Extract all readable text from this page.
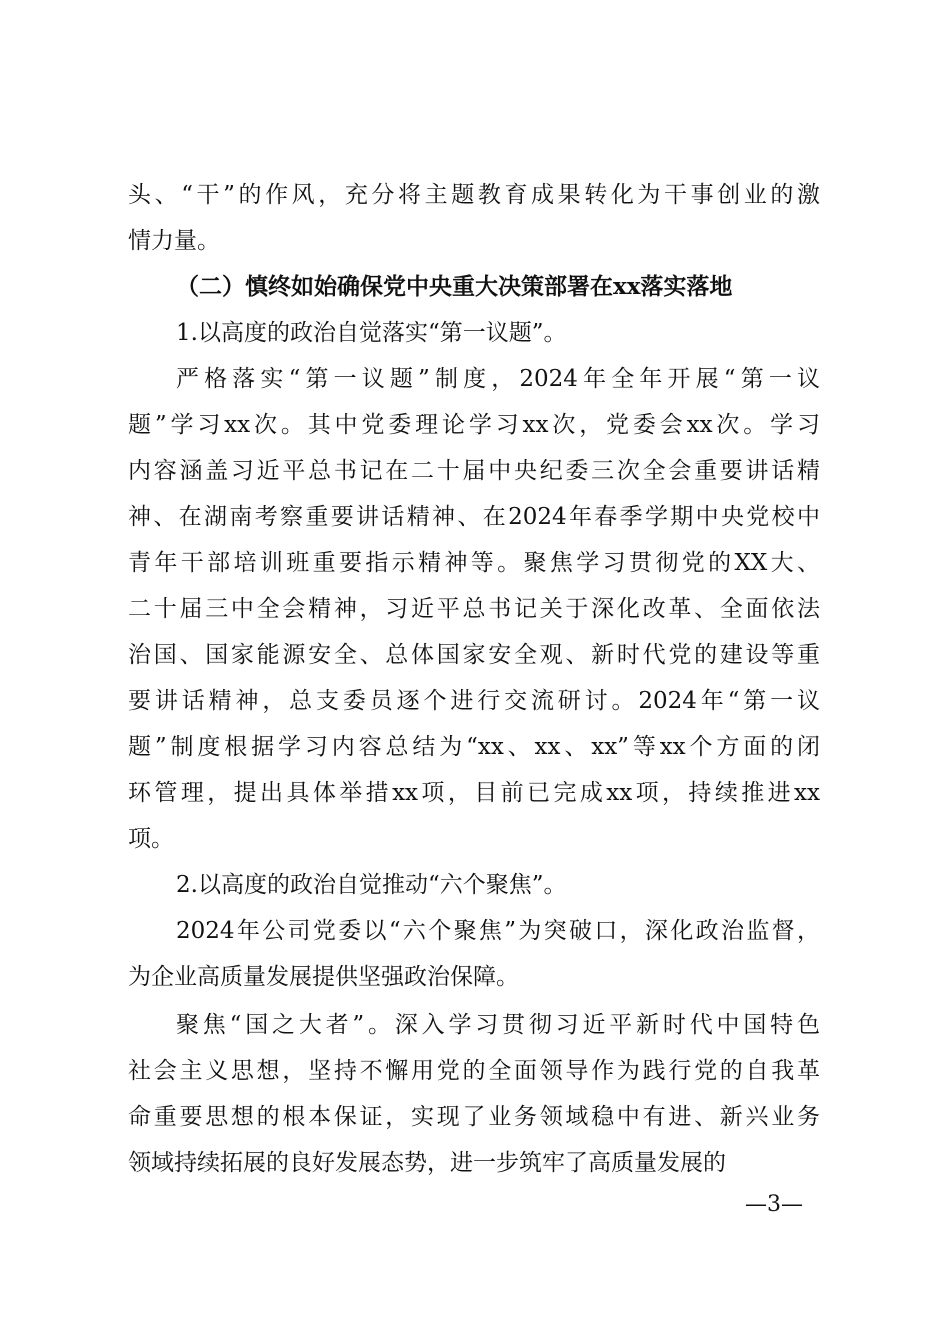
头、“干”的作风，充分将主题教育成果转化为干事创业的激
情力量。
（二）慎终如始确保党中央重大决策部署在xx落实落地
1.以高度的政治自觉落实“第一议题”。
严格落实“第一议题”制度，2024年全年开展“第一议
题”学习xx次。其中党委理论学习xx次，党委会xx次。学习
内容涵盖习近平总书记在二十届中央纪委三次全会重要讲话精
神、在湖南考察重要讲话精神、在2024年春季学期中央党校中
青年干部培训班重要指示精神等。聚焦学习贯彻党的XX大、
二十届三中全会精神，习近平总书记关于深化改革、全面依法
治国、国家能源安全、总体国家安全观、新时代党的建设等重
要讲话精神，总支委员逐个进行交流研讨。2024年“第一议
题”制度根据学习内容总结为“xx、xx、xx”等xx个方面的闭
环管理，提出具体举措xx项，目前已完成xx项，持续推进xx
项。
2.以高度的政治自觉推动“六个聚焦”。
2024年公司党委以“六个聚焦”为突破口，深化政治监督，
为企业高质量发展提供坚强政治保障。
聚焦“国之大者”。深入学习贯彻习近平新时代中国特色
社会主义思想，坚持不懈用党的全面领导作为践行党的自我革
命重要思想的根本保证，实现了业务领域稳中有进、新兴业务
领域持续拓展的良好发展态势，进一步筑牢了高质量发展的
—3—
